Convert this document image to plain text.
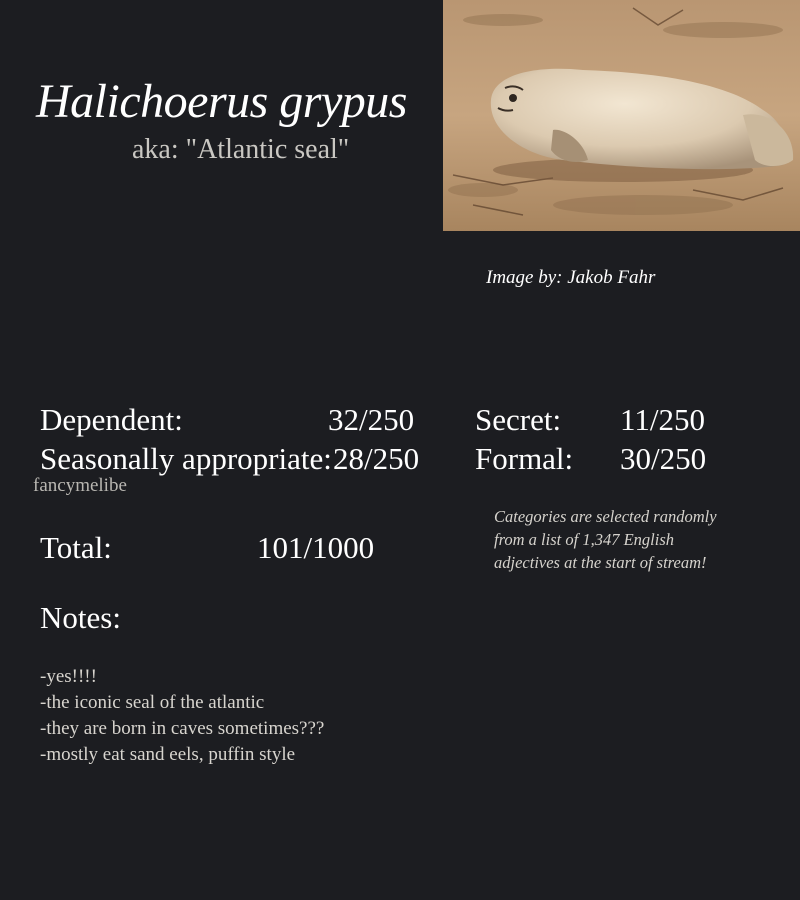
Halichoerus grypus
aka: "Atlantic seal"
Image by: Jakob Fahr
Dependent:	32/250
Seasonally appropriate: 28/250
Secret: 11/250
Formal: 30/250
fancymelibe
Total:	101/1000
Categories are selected randomly from a list of 1,347 English adjectives at the start of stream!
Notes:
-yes!!!!
-the iconic seal of the atlantic
-they are born in caves sometimes???
-mostly eat sand eels, puffin style
